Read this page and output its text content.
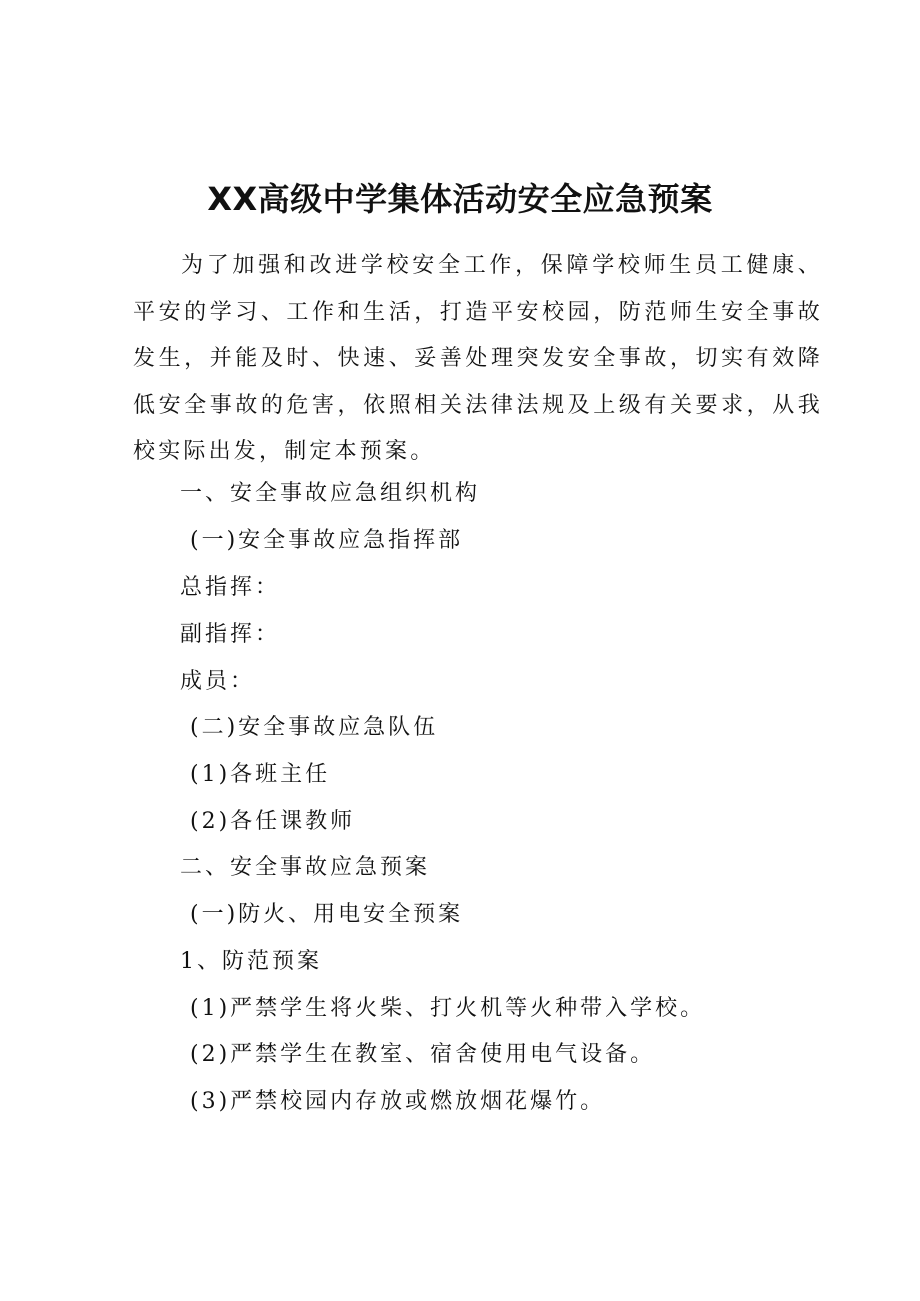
XX高级中学集体活动安全应急预案

为了加强和改进学校安全工作，保障学校师生员工健康、平安的学习、工作和生活，打造平安校园，防范师生安全事故发生，并能及时、快速、妥善处理突发安全事故，切实有效降低安全事故的危害，依照相关法律法规及上级有关要求，从我校实际出发，制定本预案。

一、安全事故应急组织机构
(一)安全事故应急指挥部
总指挥：
副指挥：
成员：
(二)安全事故应急队伍
(1)各班主任
(2)各任课教师
二、安全事故应急预案
(一)防火、用电安全预案
1、防范预案
(1)严禁学生将火柴、打火机等火种带入学校。
(2)严禁学生在教室、宿舍使用电气设备。
(3)严禁校园内存放或燃放烟花爆竹。
